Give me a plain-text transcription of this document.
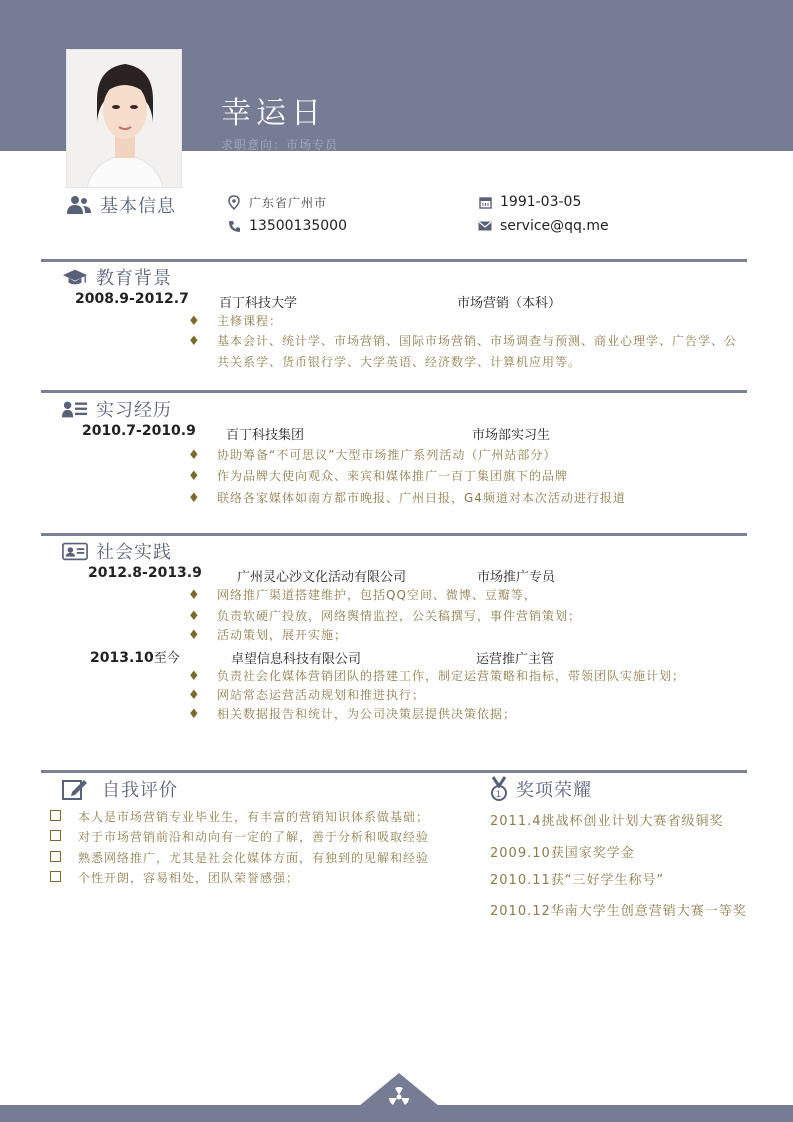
幸运日
求职意向：市场专员
基本信息	广东省广州市	1991-03-05
13500135000	service@qq.me
教育背景
2008.9-2012.7 百丁科技大学	市场营销（本科）
♦	主修课程：
♦	基本会计、统计学、市场营销、国际市场营销、市场调查与预测、商业心理学、广告学、公共关系学、货币银行学、大学英语、经济数学、计算机应用等。
实习经历
2010.7-2010.9 百丁科技集团	市场部实习生
♦	协助筹备“不可思议”大型市场推广系列活动（广州站部分）
♦	作为品牌大使向观众、来宾和媒体推广一百丁集团旗下的品牌
♦	联络各家媒体如南方都市晚报、广州日报，G4频道对本次活动进行报道
社会实践
2012.8-2013.9	广州灵心沙文化活动有限公司	市场推广专员
♦	网络推广渠道搭建维护，包括QQ空间、微博、豆瓣等，
♦	负责软硬广投放，网络舆情监控，公关稿撰写，事件营销策划；
♦	活动策划，展开实施；
2013.10至今	卓望信息科技有限公司	运营推广主管
♦	负责社会化媒体营销团队的搭建工作，制定运营策略和指标，带领团队实施计划；
♦	网站常态运营活动规划和推进执行；
♦	相关数据报告和统计，为公司决策层提供决策依据；
自我评价
本人是市场营销专业毕业生，有丰富的营销知识体系做基础；
对于市场营销前沿和动向有一定的了解，善于分析和吸取经验
熟悉网络推广，尤其是社会化媒体方面，有独到的见解和经验
个性开朗，容易相处，团队荣誉感强；
1 奖项荣耀
2011.4挑战杯创业计划大赛省级铜奖
2009.10获国家奖学金
2010.11获“三好学生称号”
2010.12华南大学生创意营销大赛一等奖
